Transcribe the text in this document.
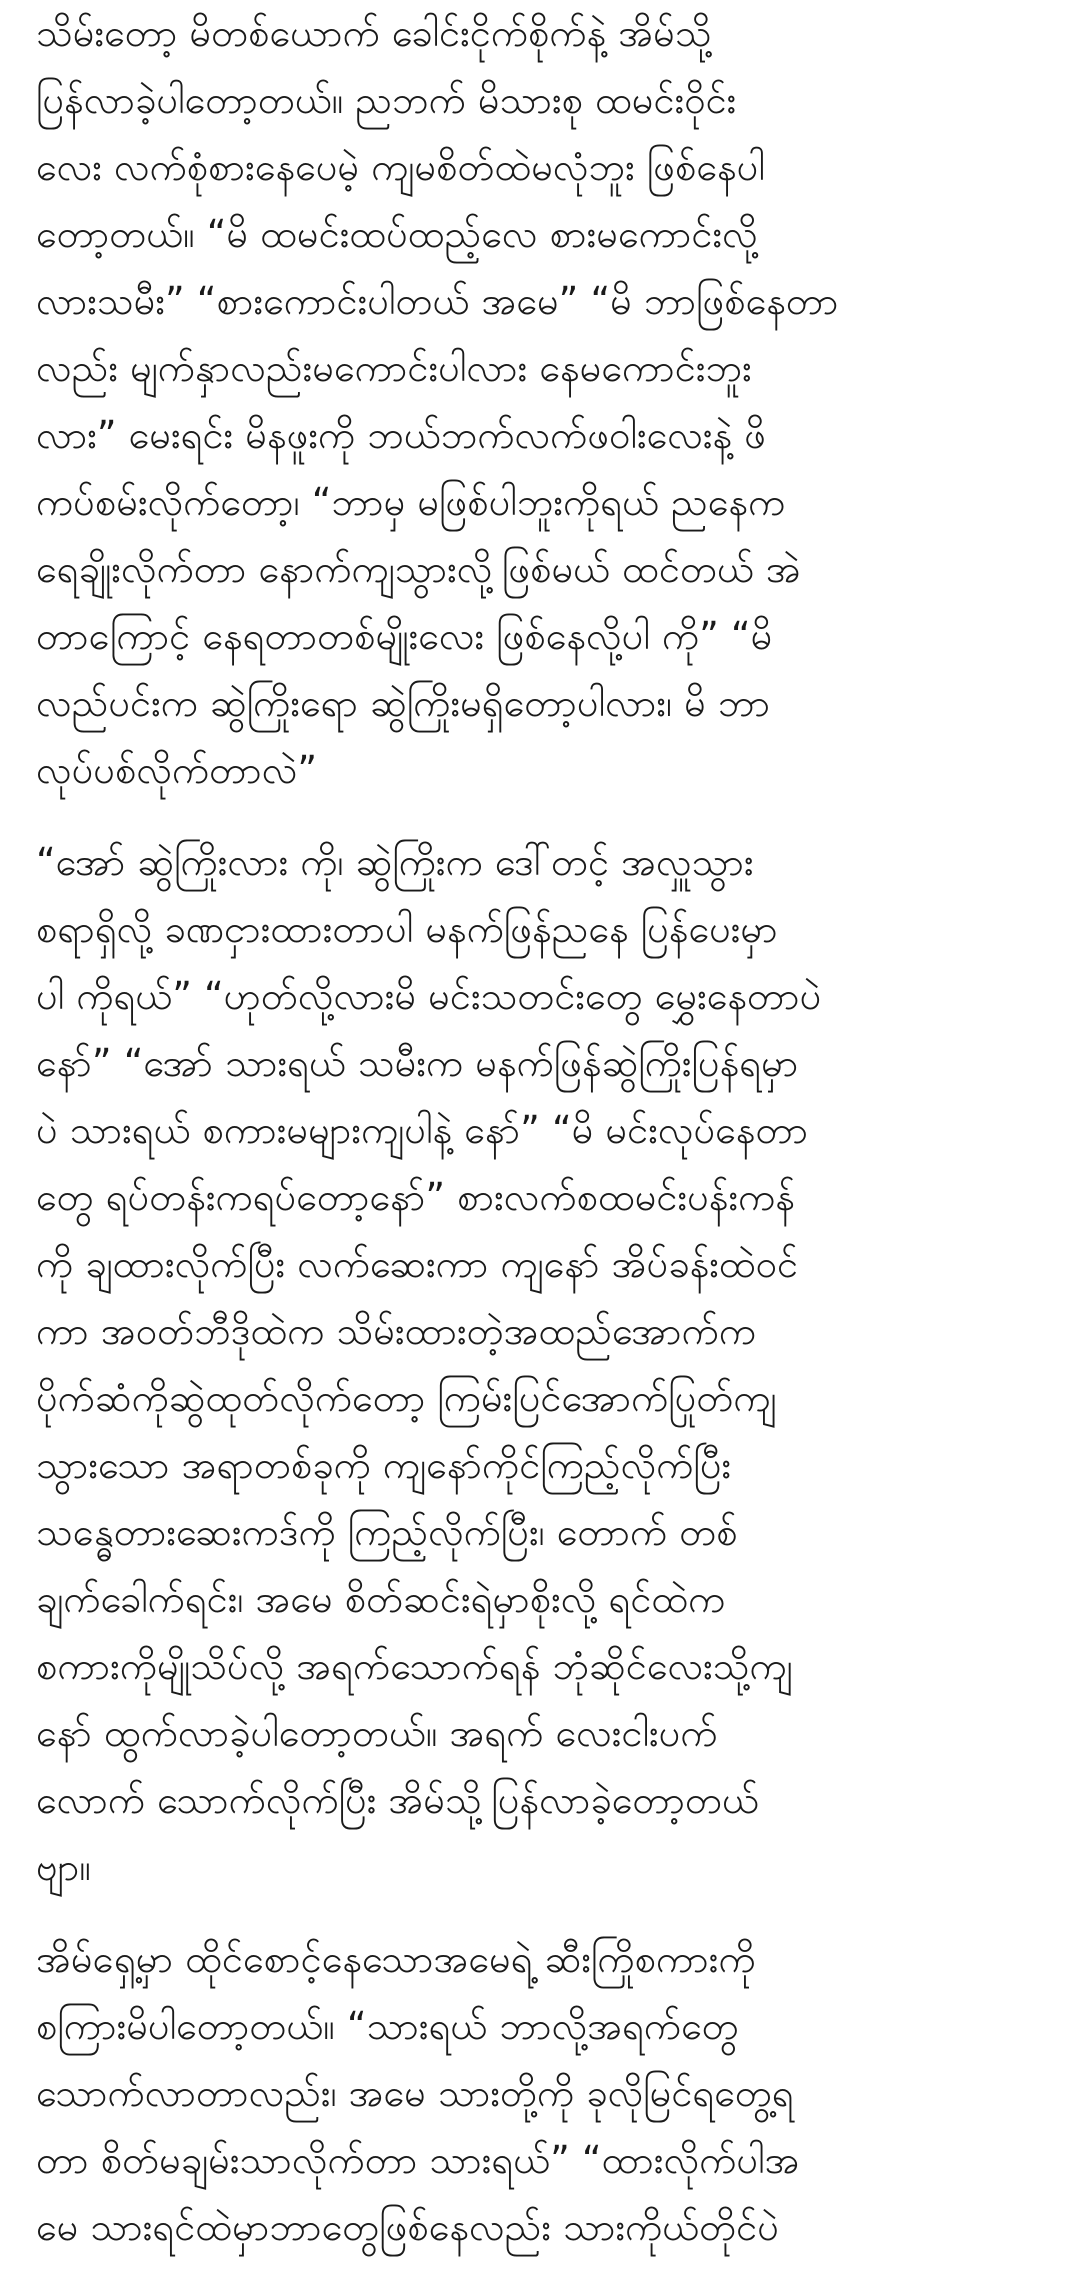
သိမ်းတော့ မိတစ်ယောက် ခေါင်းငိုက်စိုက်နဲ့ အိမ်သို့
ပြန်လာခဲ့ပါတော့တယ်။ ညဘက် မိသားစု ထမင်းဝိုင်း
လေး လက်စုံစားနေပေမဲ့ ကျမစိတ်ထဲမလုံဘူး ဖြစ်နေပါ
တော့တယ်။ “မိ ထမင်းထပ်ထည့်လေ စားမကောင်းလို့
လားသမီး” “စားကောင်းပါတယ် အမေ” “မိ ဘာဖြစ်နေတာ
လည်း မျက်နှာလည်းမကောင်းပါလား နေမကောင်းဘူး
လား” မေးရင်း မိနဖူးကို ဘယ်ဘက်လက်ဖဝါးလေးနဲ့ ဖိ
ကပ်စမ်းလိုက်တော့၊ “ဘာမှ မဖြစ်ပါဘူးကိုရယ် ညနေက
ရေချိုးလိုက်တာ နောက်ကျသွားလို့ဖြစ်မယ် ထင်တယ် အဲ
တာကြောင့် နေရတာတစ်မျိုးလေး ဖြစ်နေလို့ပါ ကို” “မိ
လည်ပင်းက ဆွဲကြိုးရော ဆွဲကြိုးမရှိတော့ပါလား၊ မိ ဘာ
လုပ်ပစ်လိုက်တာလဲ”
“အော် ဆွဲကြိုးလား ကို၊ ဆွဲကြိုးက ဒေါ်တင့် အလှူသွား
စရာရှိလို့ ခဏငှားထားတာပါ မနက်ဖြန်ညနေ ပြန်ပေးမှာ
ပါ ကိုရယ်” “ဟုတ်လို့လားမိ မင်းသတင်းတွေ မွှေးနေတာပဲ
နော်” “အော် သားရယ် သမီးက မနက်ဖြန်ဆွဲကြိုးပြန်ရမှာ
ပဲ သားရယ် စကားမများကျပါနဲ့ နော်” “မိ မင်းလုပ်နေတာ
တွေ ရပ်တန်းကရပ်တော့နော်” စားလက်စထမင်းပန်းကန်
ကို ချထားလိုက်ပြီး လက်ဆေးကာ ကျနော် အိပ်ခန်းထဲဝင်
ကာ အဝတ်ဘီဒိုထဲက သိမ်းထားတဲ့အထည်အောက်က
ပိုက်ဆံကိုဆွဲထုတ်လိုက်တော့ ကြမ်းပြင်အောက်ပြုတ်ကျ
သွားသော အရာတစ်ခုကို ကျနော်ကိုင်ကြည့်လိုက်ပြီး
သန္ဓေတားဆေးကဒ်ကို ကြည့်လိုက်ပြီး၊ တောက် တစ်
ချက်ခေါက်ရင်း၊ အမေ စိတ်ဆင်းရဲမှာစိုးလို့ ရင်ထဲက
စကားကိုမျိုသိပ်လို့ အရက်သောက်ရန် ဘုံဆိုင်လေးသို့ကျ
နော် ထွက်လာခဲ့ပါတော့တယ်။ အရက် လေးငါးပက်
လောက် သောက်လိုက်ပြီး အိမ်သို့ပြန်လာခဲ့တော့တယ်
ဗျာ။
အိမ်ရှေ့မှာ ထိုင်စောင့်နေသောအမေရဲ့ ဆီးကြိုစကားကို
စကြားမိပါတော့တယ်။ “သားရယ် ဘာလို့အရက်တွေ
သောက်လာတာလည်း၊ အမေ သားတို့ကို ခုလိုမြင်ရတွေ့ရ
တာ စိတ်မချမ်းသာလိုက်တာ သားရယ်” “ထားလိုက်ပါအ
မေ သားရင်ထဲမှာဘာတွေဖြစ်နေလည်း သားကိုယ်တိုင်ပဲ
